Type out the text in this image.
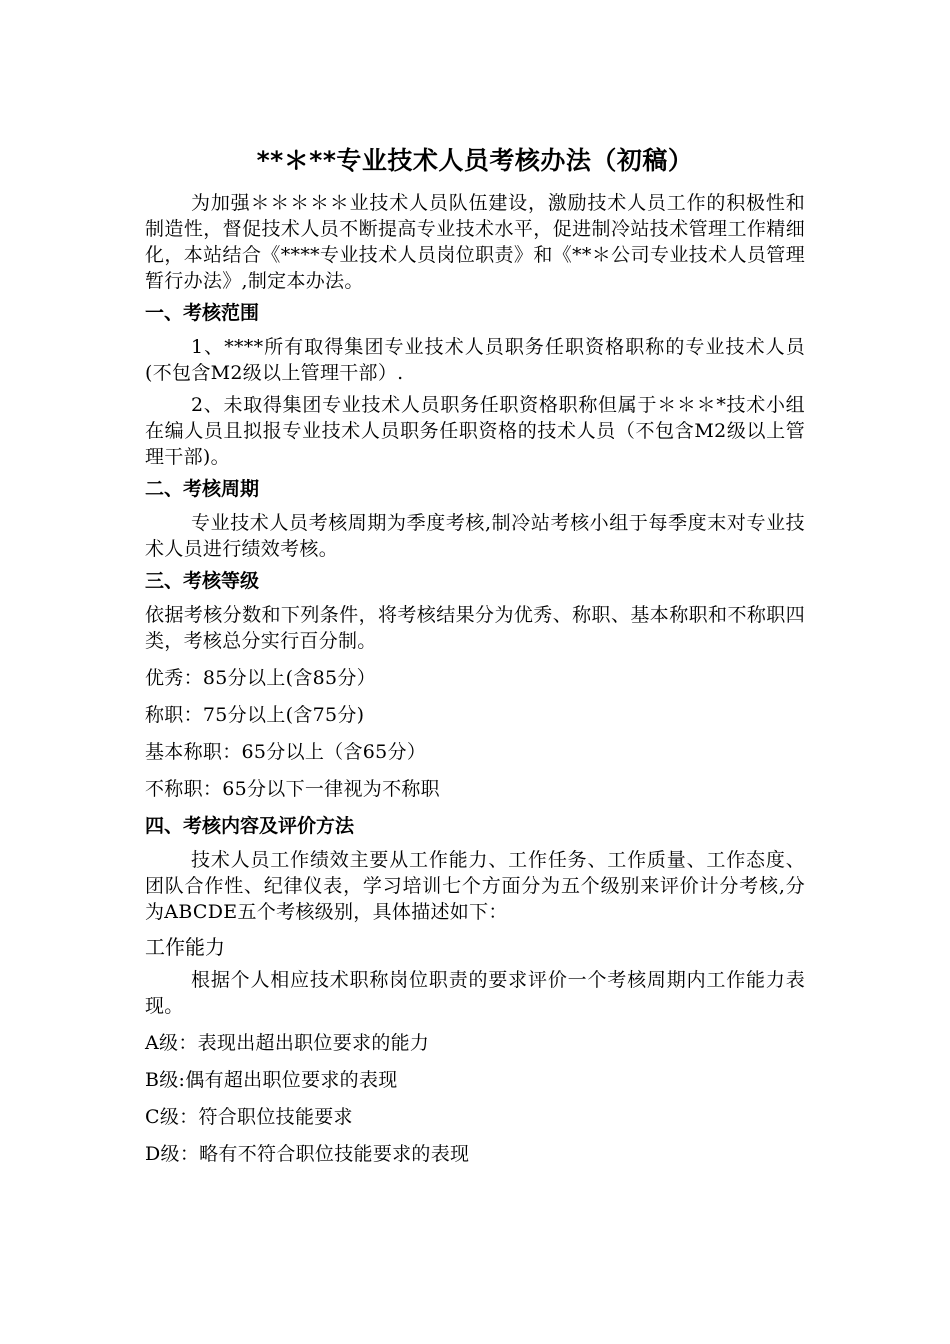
**＊**专业技术人员考核办法（初稿）

为加强＊＊＊＊＊业技术人员队伍建设，激励技术人员工作的积极性和制造性，督促技术人员不断提高专业技术水平，促进制冷站技术管理工作精细化，本站结合《****专业技术人员岗位职责》和《**＊公司专业技术人员管理暂行办法》,制定本办法。

一、考核范围

1、****所有取得集团专业技术人员职务任职资格职称的专业技术人员(不包含M2级以上管理干部）.

2、未取得集团专业技术人员职务任职资格职称但属于＊＊＊*技术小组在编人员且拟报专业技术人员职务任职资格的技术人员（不包含M2级以上管理干部)。

二、考核周期

专业技术人员考核周期为季度考核,制冷站考核小组于每季度末对专业技术人员进行绩效考核。

三、考核等级

依据考核分数和下列条件，将考核结果分为优秀、称职、基本称职和不称职四类，考核总分实行百分制。

优秀：85分以上(含85分）
称职：75分以上(含75分)
基本称职：65分以上（含65分）
不称职：65分以下一律视为不称职
四、考核内容及评价方法

技术人员工作绩效主要从工作能力、工作任务、工作质量、工作态度、团队合作性、纪律仪表，学习培训七个方面分为五个级别来评价计分考核,分为ABCDE五个考核级别，具体描述如下：

工作能力

根据个人相应技术职称岗位职责的要求评价一个考核周期内工作能力表现。

A级：表现出超出职位要求的能力
B级:偶有超出职位要求的表现
C级：符合职位技能要求
D级：略有不符合职位技能要求的表现
